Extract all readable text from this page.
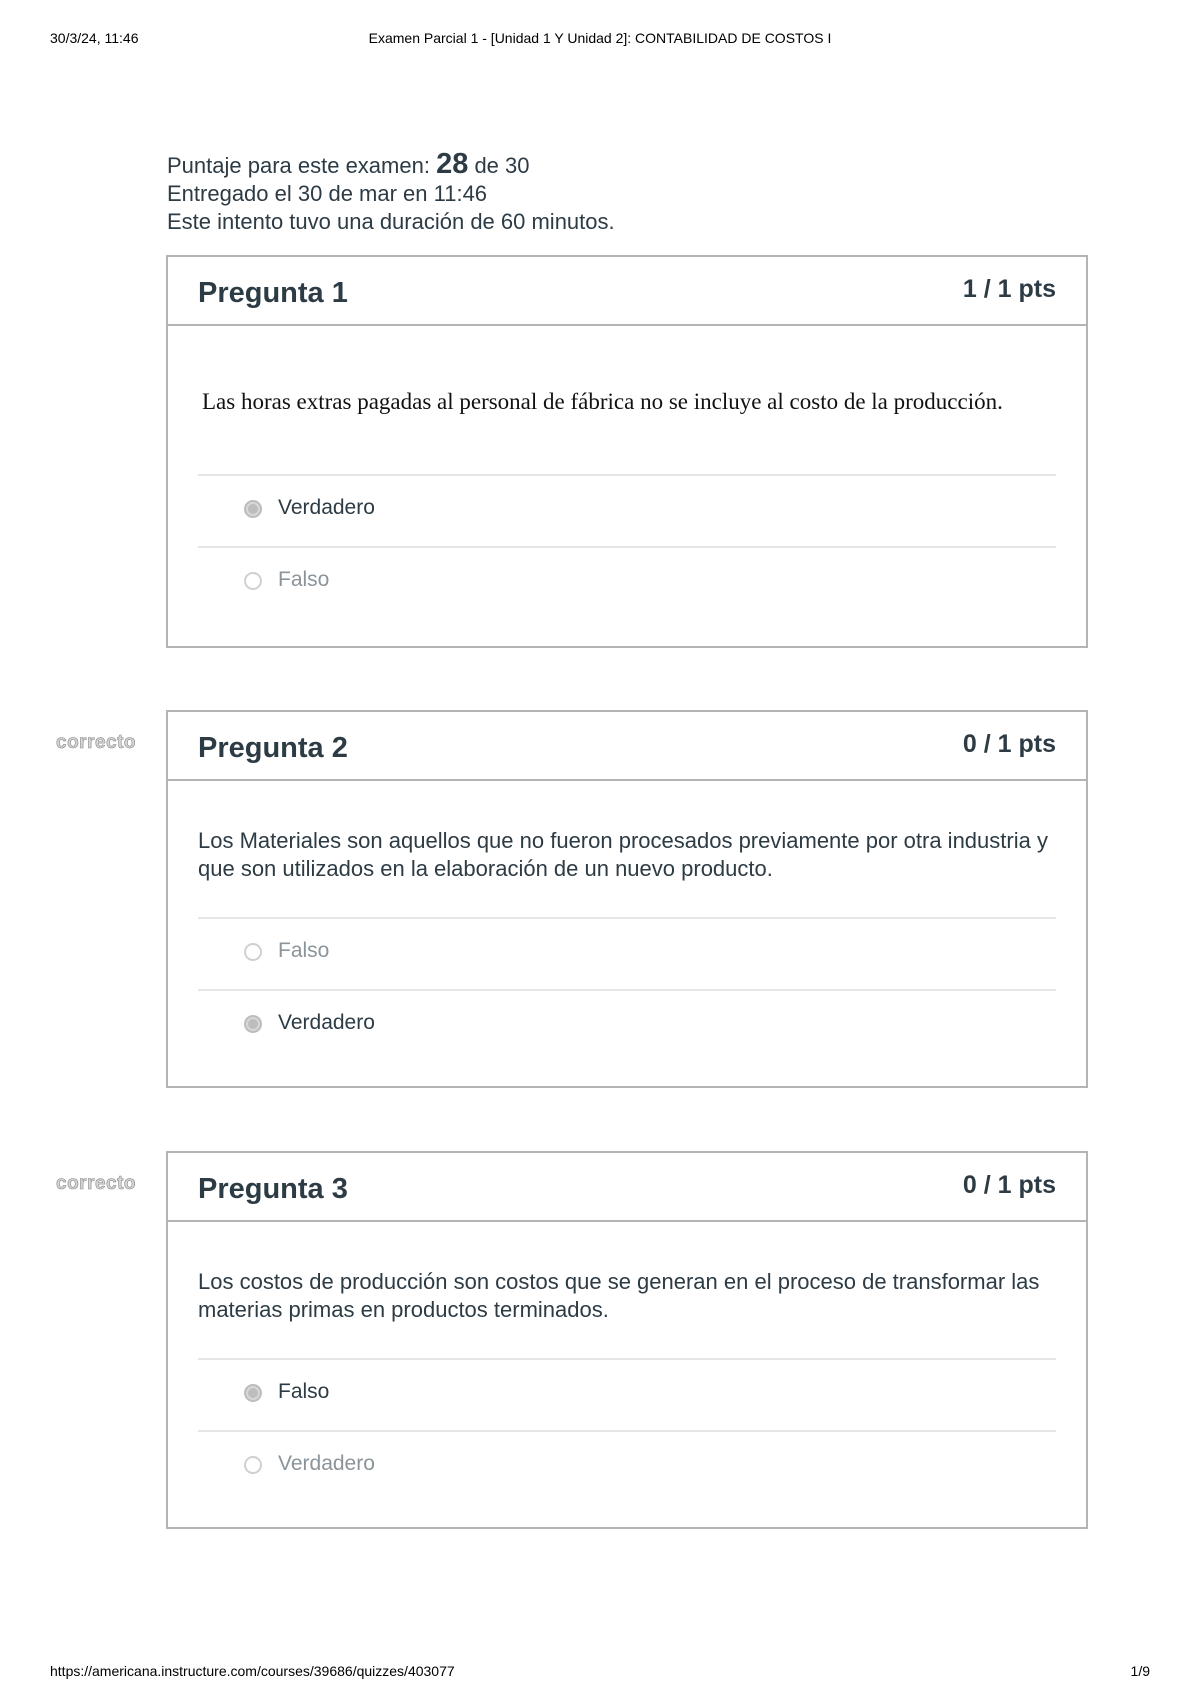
30/3/24, 11:46	Examen Parcial 1 - [Unidad 1 Y Unidad 2]: CONTABILIDAD DE COSTOS I
Puntaje para este examen: 28 de 30
Entregado el 30 de mar en 11:46
Este intento tuvo una duración de 60 minutos.
Pregunta 1	1 / 1 pts
Las horas extras pagadas al personal de fábrica no se incluye al costo de la producción.
Verdadero
Falso
correcto	Pregunta 2	0 / 1 pts
Los Materiales son aquellos que no fueron procesados previamente por otra industria y que son utilizados en la elaboración de un nuevo producto.
Falso
Verdadero
correcto	Pregunta 3	0 / 1 pts
Los costos de producción son costos que se generan en el proceso de transformar las materias primas en productos terminados.
Falso
Verdadero
https://americana.instructure.com/courses/39686/quizzes/403077	1/9
